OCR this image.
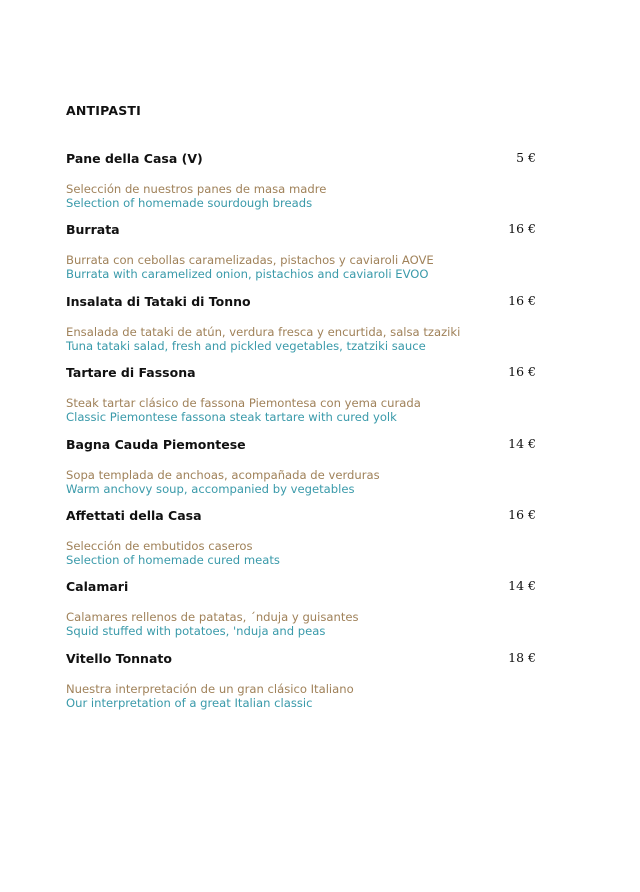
ANTIPASTI
Pane della Casa (V)	5 €
Selección de nuestros panes de masa madre
Selection of homemade sourdough breads
Burrata	16 €
Burrata con cebollas caramelizadas, pistachos y caviaroli AOVE
Burrata with caramelized onion, pistachios and caviaroli EVOO
Insalata di Tataki di Tonno	16 €
Ensalada de tataki de atún, verdura fresca y encurtida, salsa tzaziki
Tuna tataki salad, fresh and pickled vegetables, tzatziki sauce
Tartare di Fassona	16 €
Steak tartar clásico de fassona Piemontesa con yema curada
Classic Piemontese fassona steak tartare with cured yolk
Bagna Cauda Piemontese	14 €
Sopa templada de anchoas, acompañada de verduras
Warm anchovy soup, accompanied by vegetables
Affettati della Casa	16 €
Selección de embutidos caseros
Selection of homemade cured meats
Calamari	14 €
Calamares rellenos de patatas, ´nduja y guisantes
Squid stuffed with potatoes, 'nduja and peas
Vitello Tonnato	18 €
Nuestra interpretación de un gran clásico Italiano
Our interpretation of a great Italian classic
